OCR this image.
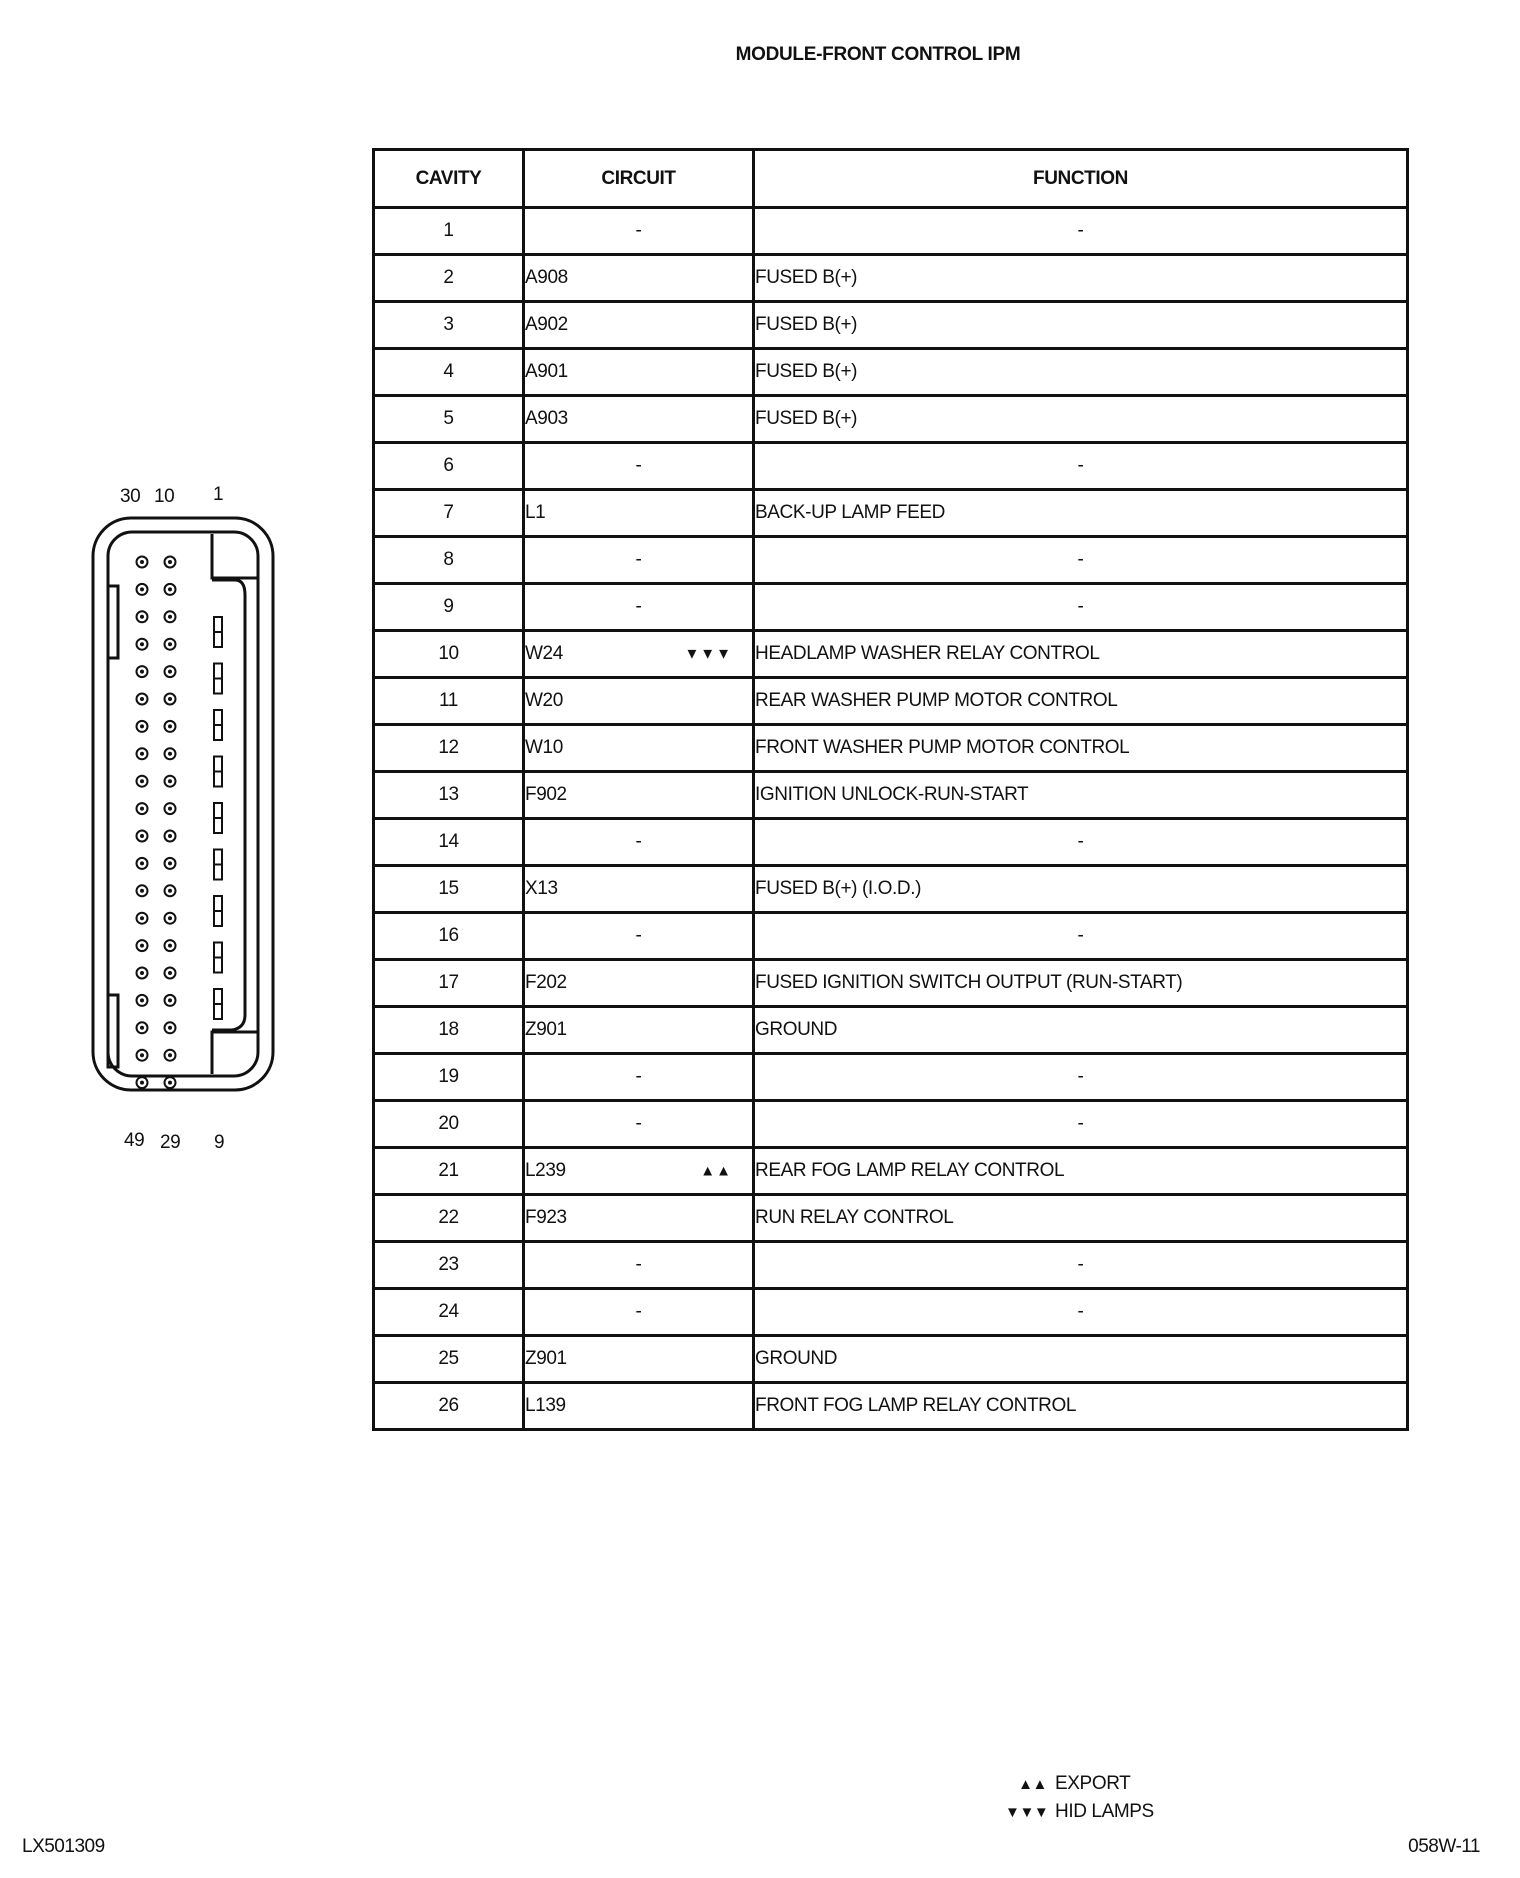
MODULE-FRONT CONTROL IPM
30 10 1
49 29 9
CAVITY	CIRCUIT	FUNCTION
1	-	-
2	A908	FUSED B(+)
3	A902	FUSED B(+)
4	A901	FUSED B(+)
5	A903	FUSED B(+)
6	-	-
7	L1	BACK-UP LAMP FEED
8	-	-
9	-	-
10	W24 ▼▼▼	HEADLAMP WASHER RELAY CONTROL
11	W20	REAR WASHER PUMP MOTOR CONTROL
12	W10	FRONT WASHER PUMP MOTOR CONTROL
13	F902	IGNITION UNLOCK-RUN-START
14	-	-
15	X13	FUSED B(+) (I.O.D.)
16	-	-
17	F202	FUSED IGNITION SWITCH OUTPUT (RUN-START)
18	Z901	GROUND
19	-	-
20	-	-
21	L239 ▲▲	REAR FOG LAMP RELAY CONTROL
22	F923	RUN RELAY CONTROL
23	-	-
24	-	-
25	Z901	GROUND
26	L139	FRONT FOG LAMP RELAY CONTROL
▲▲ EXPORT
▼▼▼ HID LAMPS
LX501309	058W-11
